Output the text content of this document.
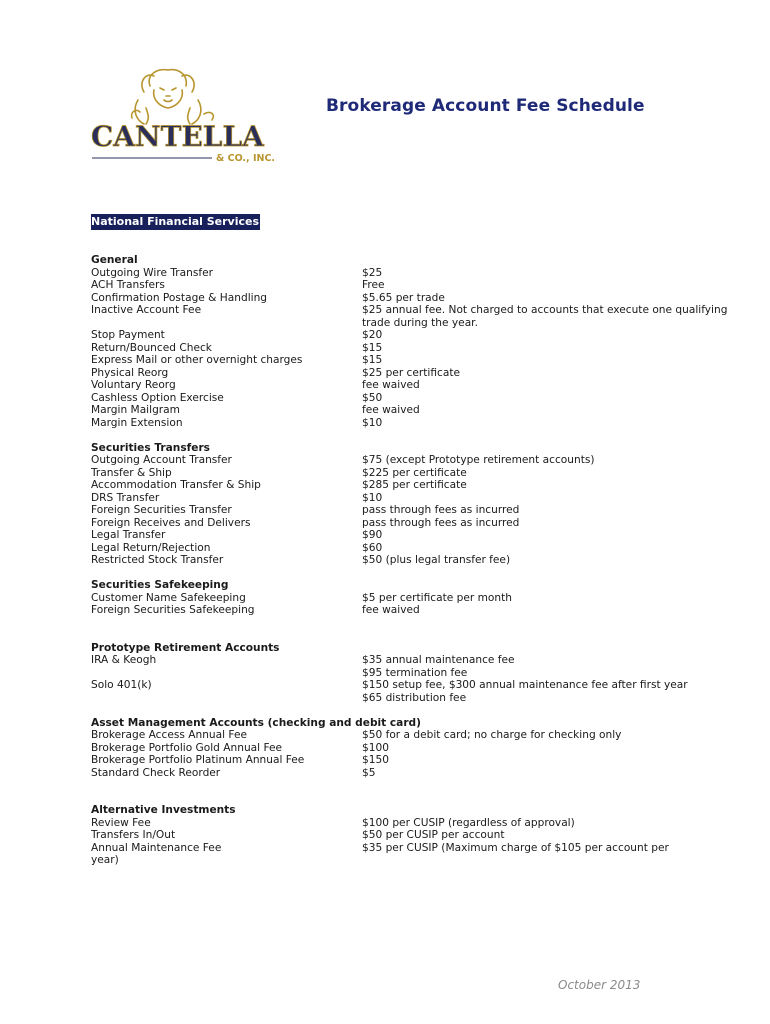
CANTELLA
& CO., INC.
Brokerage Account Fee Schedule
National Financial Services
General
Outgoing Wire Transfer	$25
ACH Transfers	Free
Confirmation Postage & Handling	$5.65 per trade
Inactive Account Fee	$25 annual fee. Not charged to accounts that execute one qualifying trade during the year.
Stop Payment	$20
Return/Bounced Check	$15
Express Mail or other overnight charges	$15
Physical Reorg	$25 per certificate
Voluntary Reorg	fee waived
Cashless Option Exercise	$50
Margin Mailgram	fee waived
Margin Extension	$10
Securities Transfers
Outgoing Account Transfer	$75 (except Prototype retirement accounts)
Transfer & Ship	$225 per certificate
Accommodation Transfer & Ship	$285 per certificate
DRS Transfer	$10
Foreign Securities Transfer	pass through fees as incurred
Foreign Receives and Delivers	pass through fees as incurred
Legal Transfer	$90
Legal Return/Rejection	$60
Restricted Stock Transfer	$50 (plus legal transfer fee)
Securities Safekeeping
Customer Name Safekeeping	$5 per certificate per month
Foreign Securities Safekeeping	fee waived
Prototype Retirement Accounts
IRA & Keogh	$35 annual maintenance fee
$95 termination fee
Solo 401(k)	$150 setup fee, $300 annual maintenance fee after first year
$65 distribution fee
Asset Management Accounts (checking and debit card)
Brokerage Access Annual Fee	$50 for a debit card; no charge for checking only
Brokerage Portfolio Gold Annual Fee	$100
Brokerage Portfolio Platinum Annual Fee	$150
Standard Check Reorder	$5
Alternative Investments
Review Fee	$100 per CUSIP (regardless of approval)
Transfers In/Out	$50 per CUSIP per account
Annual Maintenance Fee	$35 per CUSIP (Maximum charge of $105 per account per
year)
October 2013
